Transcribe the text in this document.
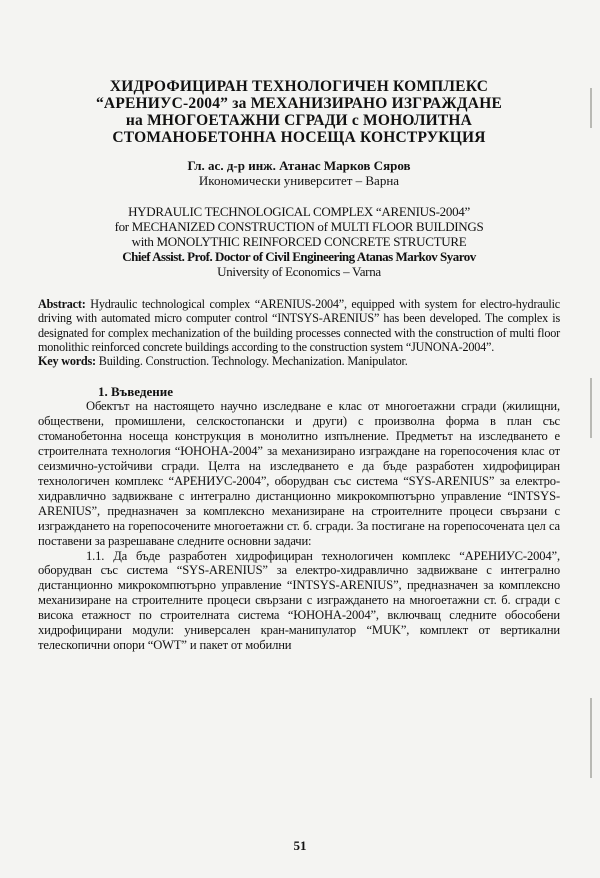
ХИДРОФИЦИРАН ТЕХНОЛОГИЧЕН КОМПЛЕКС
“АРЕНИУС-2004” за МЕХАНИЗИРАНО ИЗГРАЖДАНЕ
на МНОГОЕТАЖНИ СГРАДИ с МОНОЛИТНА
СТОМАНОБЕТОННА НОСЕЩА КОНСТРУКЦИЯ
Гл. ас. д-р инж. Атанас Марков Сяров
Икономически университет – Варна
HYDRAULIC TECHNOLOGICAL COMPLEX “ARENIUS-2004”
for MECHANIZED CONSTRUCTION of MULTI FLOOR BUILDINGS
with MONOLYTHIC REINFORCED CONCRETE STRUCTURE
Chief Assist. Prof. Doctor of Civil Engineering Atanas Markov Syarov
University of Economics – Varna
Abstract: Hydraulic technological complex “ARENIUS-2004”, equipped with system for electro-hydraulic driving with automated micro computer control “INTSYS-ARENIUS” has been developed. The complex is designated for complex mechanization of the building processes connected with the construction of multi floor monolithic reinforced concrete buildings according to the construction system “JUNONA-2004”.
Key words: Building. Construction. Technology. Mechanization. Manipulator.
1. Въведение

Обектът на настоящето научно изследване е клас от многоетажни сгради (жилищни, обществени, промишлени, селскостопански и други) с произволна форма в план със стоманобетонна носеща конструкция в монолитно изпълнение. Предметът на изследването е строителната технология “ЮНОНА-2004” за механизирано изграждане на горепосочения клас от сеизмично-устойчиви сгради. Целта на изследването е да бъде разработен хидрофициран технологичен комплекс “АРЕНИУС-2004”, оборудван със система “SYS-ARENIUS” за електро-хидравлично задвижване с интегрално дистанционно микрокомпютърно управление “INTSYS-ARENIUS”, предназначен за комплексно механизиране на строителните процеси свързани с изграждането на горепосочените многоетажни ст. б. сгради. За постигане на горепосочената цел са поставени за разрешаване следните основни задачи:

1.1. Да бъде разработен хидрофициран технологичен комплекс “АРЕНИУС-2004”, оборудван със система “SYS-ARENIUS” за електро-хидравлично задвижване с интегрално дистанционно микрокомпютърно управление “INTSYS-ARENIUS”, предназначен за комплексно механизиране на строителните процеси свързани с изграждането на многоетажни ст. б. сгради с висока етажност по строителната система “ЮНОНА-2004”, включващ следните обособени хидрофицирани модули: универсален кран-манипулатор “MUK”, комплект от вертикални телескопични опори “OWT” и пакет от мобилни

51
